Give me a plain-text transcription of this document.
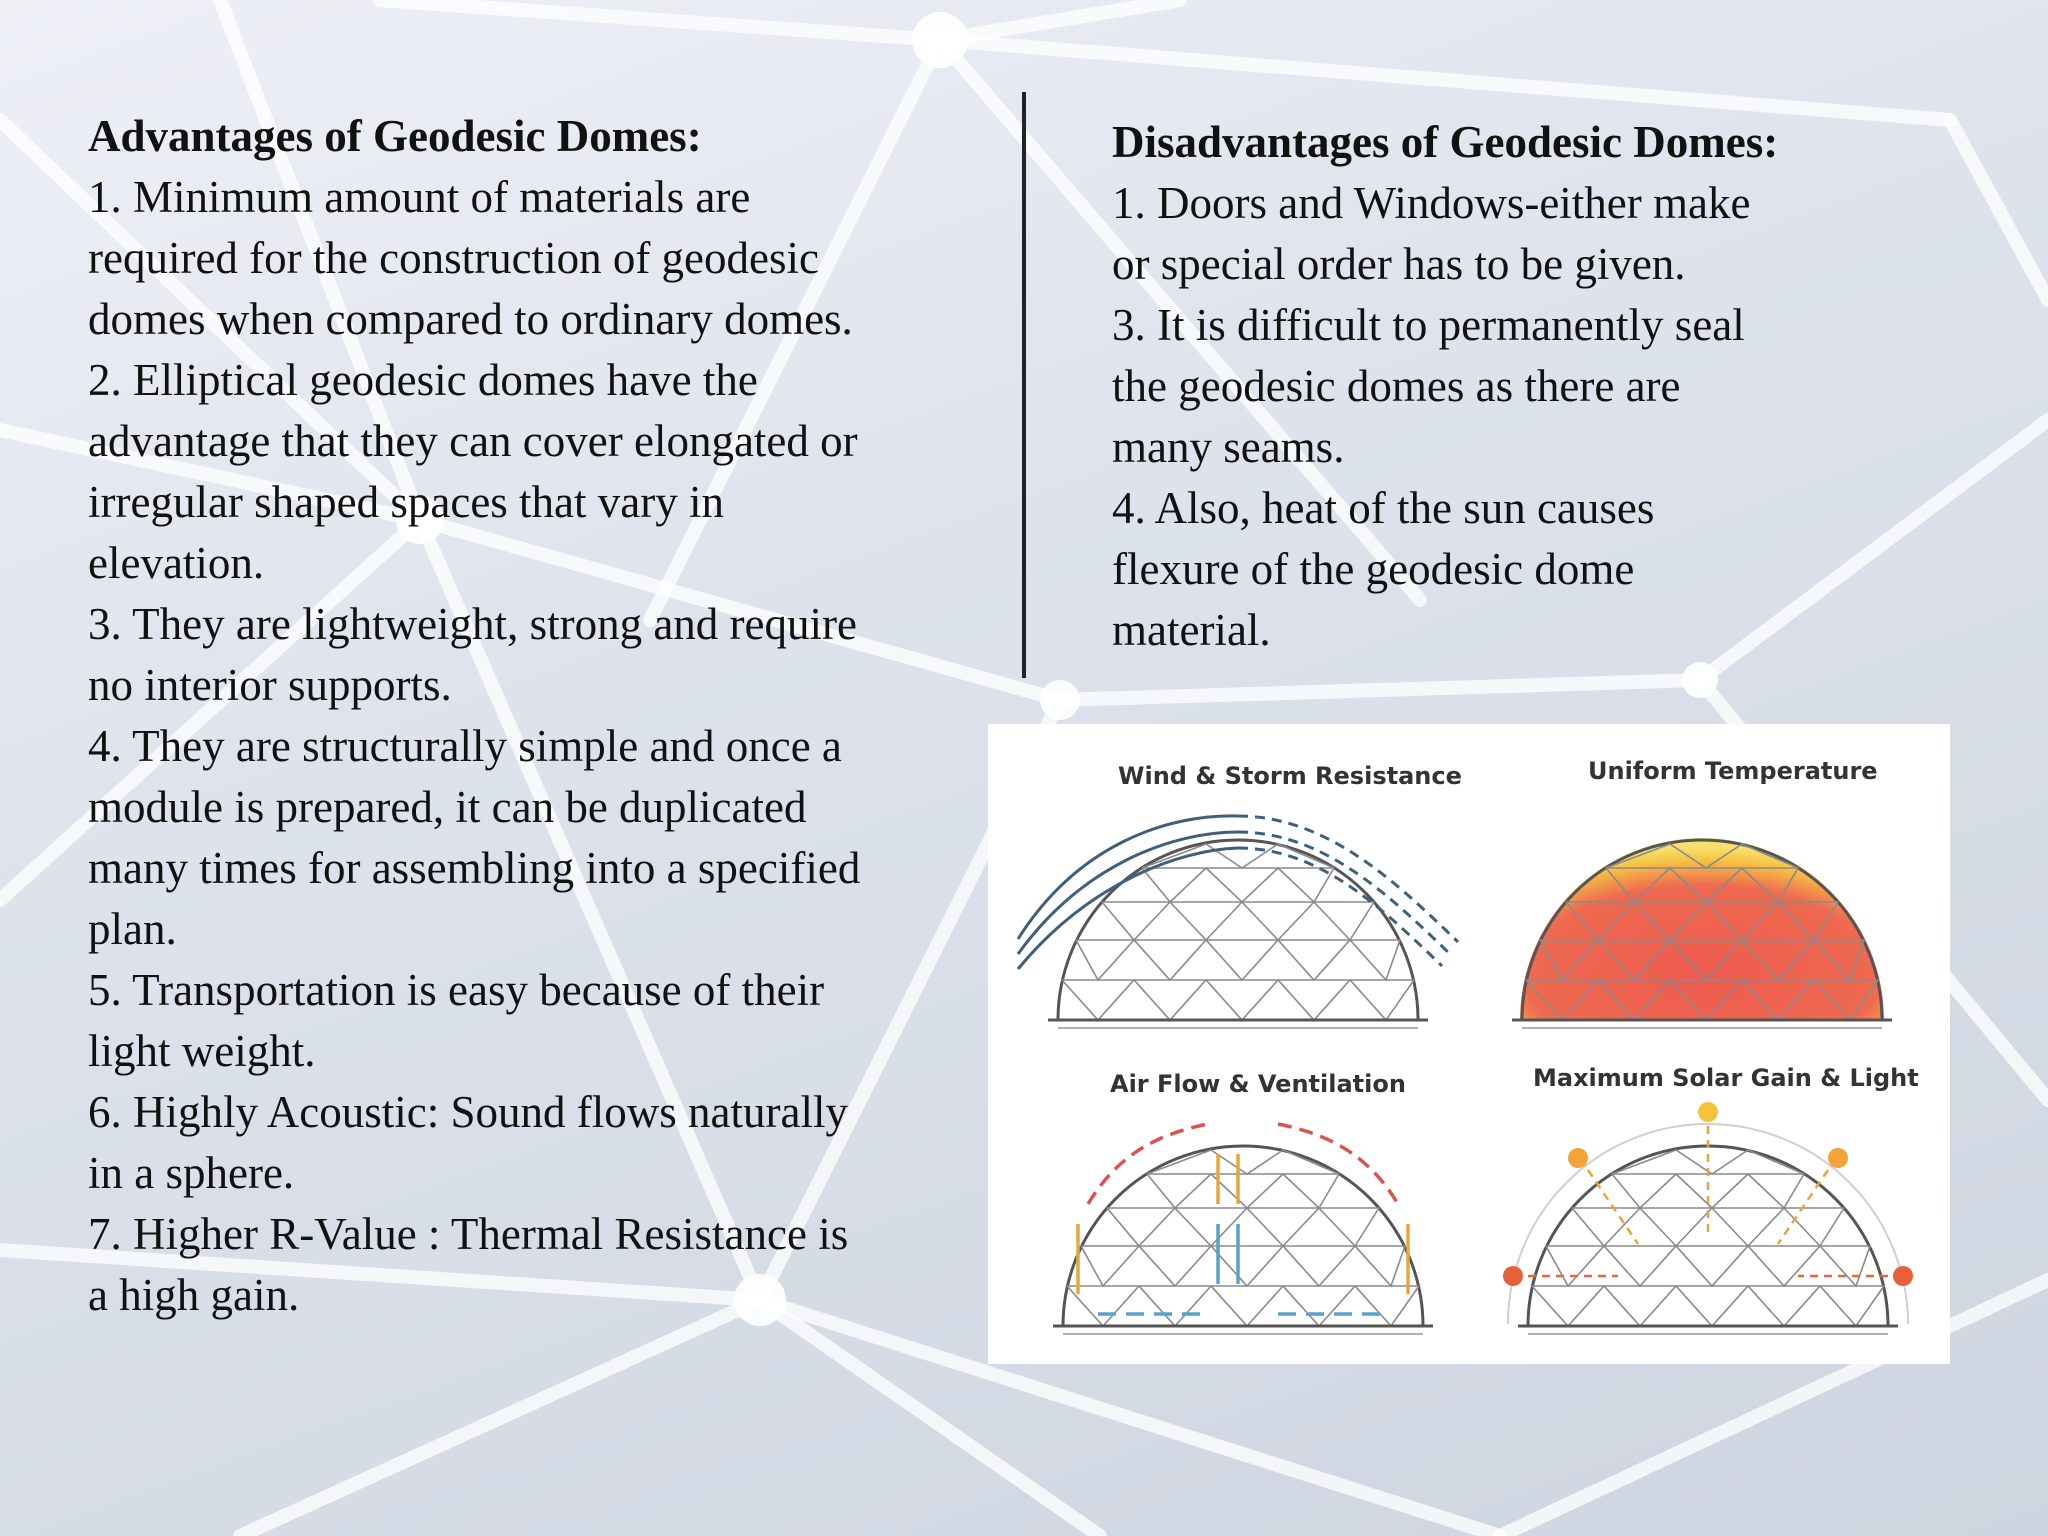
Advantages of Geodesic Domes:

1. Minimum amount of materials are

required for the construction of geodesic

domes when compared to ordinary domes.

2. Elliptical geodesic domes have the

advantage that they can cover elongated or

irregular shaped spaces that vary in

elevation.

3. They are lightweight, strong and require

no interior supports.

4. They are structurally simple and once a

module is prepared, it can be duplicated

many times for assembling into a specified

plan.

5. Transportation is easy because of their

light weight.

6. Highly Acoustic: Sound flows naturally

in a sphere.

7. Higher R-Value : Thermal Resistance is

a high gain.

Disadvantages of Geodesic Domes:

1. Doors and Windows-either make

or special order has to be given.

3. It is difficult to permanently seal

the geodesic domes as there are

many seams.

4. Also, heat of the sun causes

flexure of the geodesic dome

material.

Wind & Storm Resistance	Uniform Temperature
Air Flow & Ventilation	Maximum Solar Gain & Light
